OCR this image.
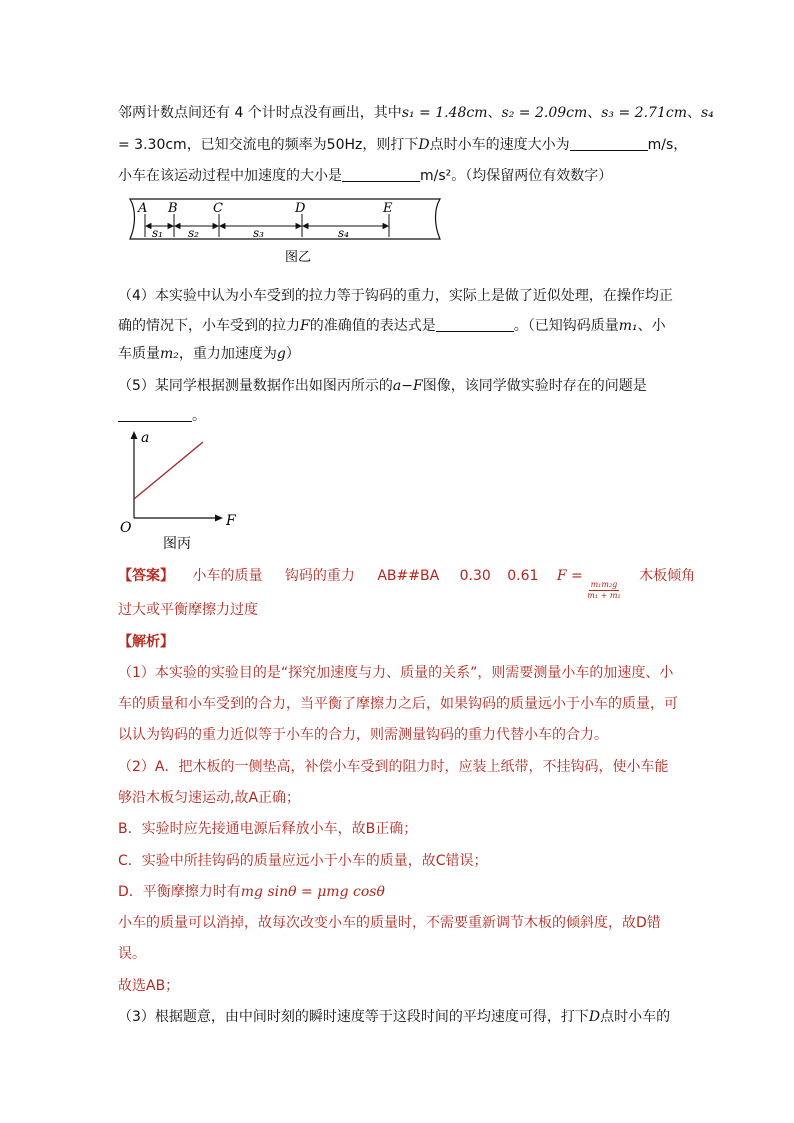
邻两计数点间还有 4 个计时点没有画出，其中s₁ = 1.48cm、s₂ = 2.09cm、s₃ = 2.71cm、s₄
= 3.30cm，已知交流电的频率为50Hz，则打下D点时小车的速度大小为	m/s，
小车在该运动过程中加速度的大小是	m/s²。（均保留两位有效数字）
A B	C	D	E
s₁ s₂	s₃	s₄
图乙
（4）本实验中认为小车受到的拉力等于钩码的重力，实际上是做了近似处理，在操作均正
确的情况下，小车受到的拉力F的准确值的表达式是	。（已知钩码质量m₁、小
车质量m₂，重力加速度为g）
（5）某同学根据测量数据作出如图丙所示的a−F图像，该同学做实验时存在的问题是
。
a
F
O
图丙
【答案】 小车的质量 钩码的重力 AB##BA 0.30 0.61 F =
$\frac{\text{m₁m₂g}}{\text{m₁ + m₂}}$
木板倾角
过大或平衡摩擦力过度
【解析】
（1）本实验的实验目的是“探究加速度与力、质量的关系”，则需要测量小车的加速度、小
车的质量和小车受到的合力，当平衡了摩擦力之后，如果钩码的质量远小于小车的质量，可
以认为钩码的重力近似等于小车的合力，则需测量钩码的重力代替小车的合力。
（2）A．把木板的一侧垫高，补偿小车受到的阻力时，应装上纸带，不挂钩码，使小车能
够沿木板匀速运动,故A正确；
B．实验时应先接通电源后释放小车，故B正确；
C．实验中所挂钩码的质量应远小于小车的质量，故C错误；
D．平衡摩擦力时有mg sinθ = μmg cosθ
小车的质量可以消掉，故每次改变小车的质量时，不需要重新调节木板的倾斜度，故D错
误。
故选AB；
（3）根据题意，由中间时刻的瞬时速度等于这段时间的平均速度可得，打下D点时小车的
